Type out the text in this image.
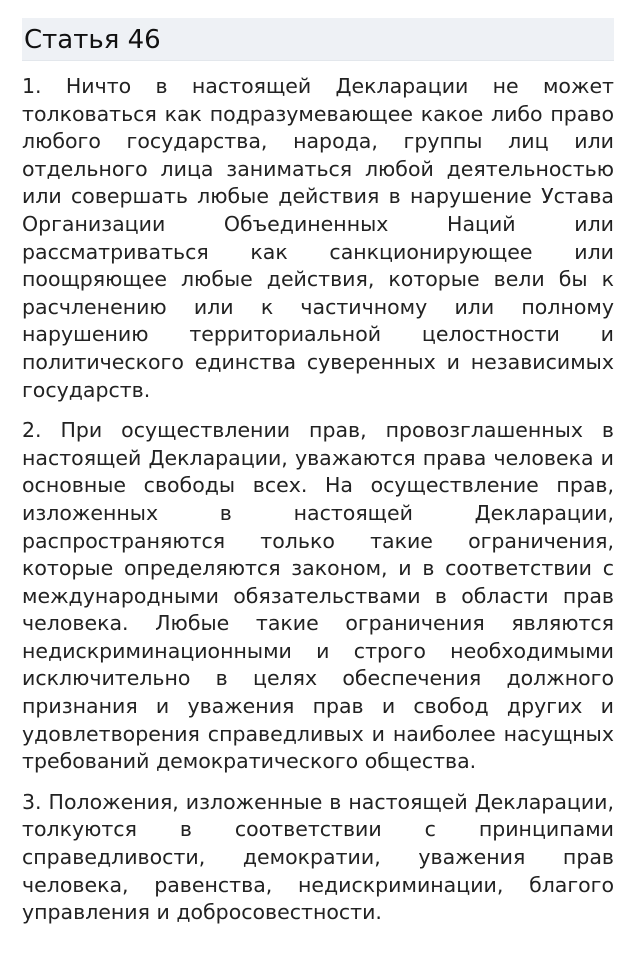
Статья 46

1. Ничто в настоящей Декларации не может толковаться как подразумевающее какое либо право любого государства, народа, группы лиц или отдельного лица заниматься любой деятельностью или совершать любые действия в нарушение Устава Организации Объединенных Наций или рассматриваться как санкционирующее или поощряющее любые действия, которые вели бы к расчленению или к частичному или полному нарушению территориальной целостности и политического единства суверенных и независимых государств.

2. При осуществлении прав, провозглашенных в настоящей Декларации, уважаются права человека и основные свободы всех. На осуществление прав, изложенных в настоящей Декларации, распространяются только такие ограничения, которые определяются законом, и в соответствии с международными обязательствами в области прав человека. Любые такие ограничения являются недискриминационными и строго необходимыми исключительно в целях обеспечения должного признания и уважения прав и свобод других и удовлетворения справедливых и наиболее насущных требований демократического общества.

3. Положения, изложенные в настоящей Декларации, толкуются в соответствии с принципами справедливости, демократии, уважения прав человека, равенства, недискриминации, благого управления и добросовестности.
